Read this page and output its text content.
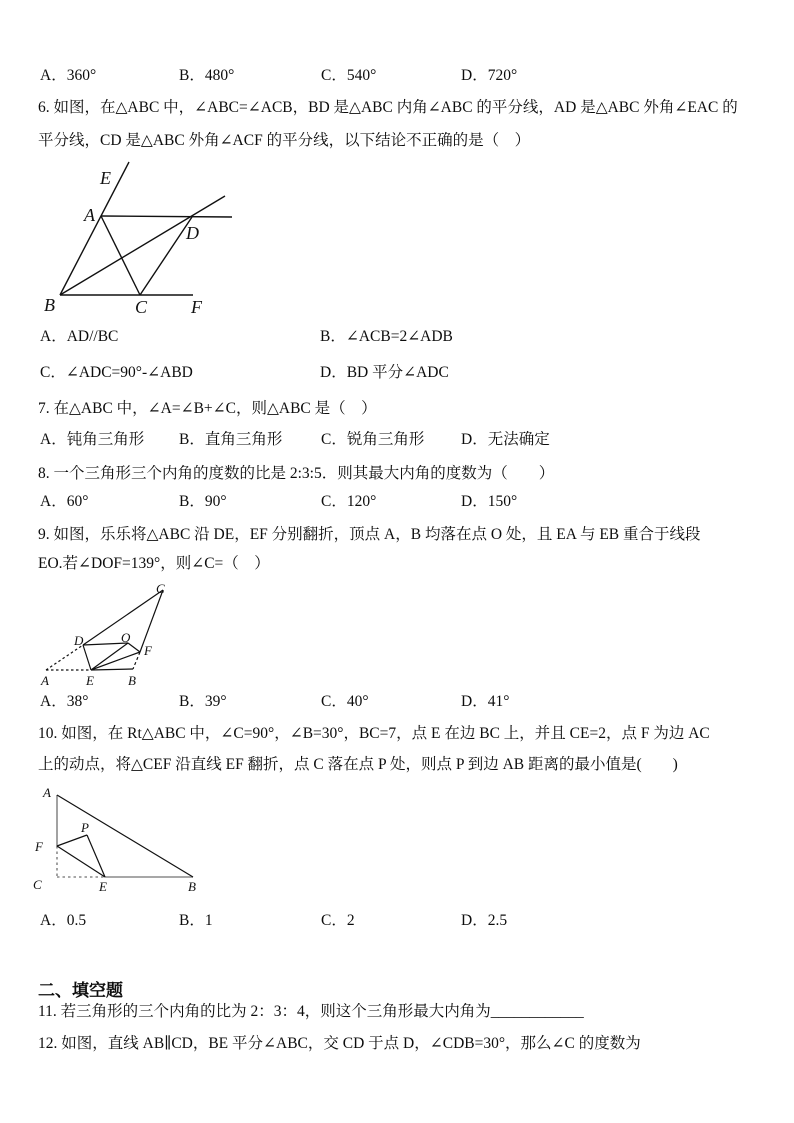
A．360°	B．480°	C．540°	D．720°
6. 如图，在△ABC 中，∠ABC=∠ACB，BD 是△ABC 内角∠ABC 的平分线，AD 是△ABC 外角∠EAC 的
平分线，CD 是△ABC 外角∠ACF 的平分线，以下结论不正确的是（　）
E
A
D
B	C F
A．AD//BC	B．∠ACB=2∠ADB
C．∠ADC=90°-∠ABD	D．BD 平分∠ADC
7. 在△ABC 中，∠A=∠B+∠C，则△ABC 是（　）
A．钝角三角形 B．直角三角形 C．锐角三角形 D．无法确定
8. 一个三角形三个内角的度数的比是 2:3:5．则其最大内角的度数为（　　）
A．60°	B．90°	C．120°	D．150°
9. 如图，乐乐将△ABC 沿 DE，EF 分别翻折，顶点 A，B 均落在点 O 处，且 EA 与 EB 重合于线段
EO.若∠DOF=139°，则∠C=（　）
C
D	O
F
A	E	B
A．38°	B．39°	C．40°	D．41°
10. 如图，在 Rt△ABC 中，∠C=90°，∠B=30°，BC=7，点 E 在边 BC 上，并且 CE=2，点 F 为边 AC
上的动点，将△CEF 沿直线 EF 翻折，点 C 落在点 P 处，则点 P 到边 AB 距离的最小值是(　　)
A
P
F
C	E	B
A．0.5	B．1	C．2	D．2.5
二、填空题
11. 若三角形的三个内角的比为 2：3：4，则这个三角形最大内角为____________
12. 如图，直线 AB∥CD，BE 平分∠ABC，交 CD 于点 D，∠CDB=30°，那么∠C 的度数为
